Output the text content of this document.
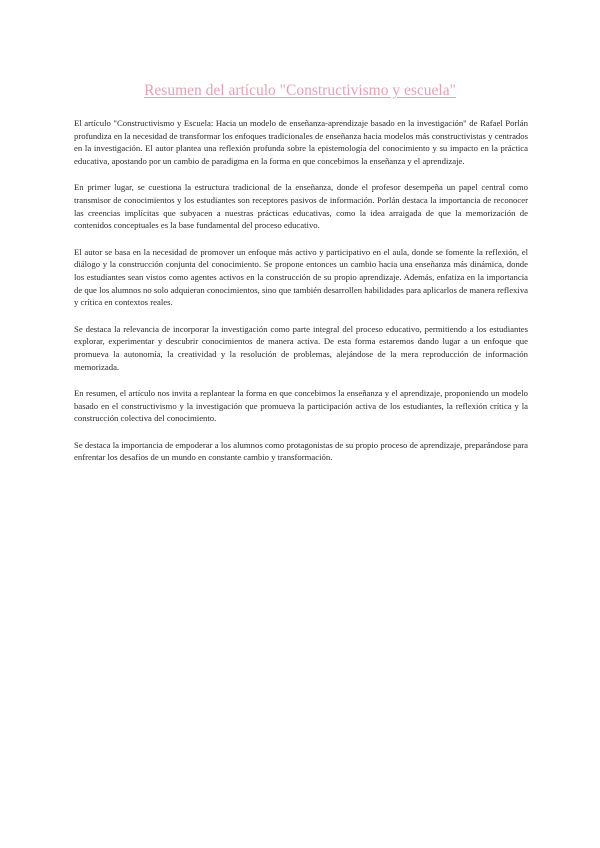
Resumen del artículo "Constructivismo y escuela"

El artículo "Constructivismo y Escuela: Hacia un modelo de enseñanza-aprendizaje basado en la investigación" de Rafael Porlán profundiza en la necesidad de transformar los enfoques tradicionales de enseñanza hacia modelos más constructivistas y centrados en la investigación. El autor plantea una reflexión profunda sobre la epistemología del conocimiento y su impacto en la práctica educativa, apostando por un cambio de paradigma en la forma en que concebimos la enseñanza y el aprendizaje.

En primer lugar, se cuestiona la estructura tradicional de la enseñanza, donde el profesor desempeña un papel central como transmisor de conocimientos y los estudiantes son receptores pasivos de información. Porlán destaca la importancia de reconocer las creencias implícitas que subyacen a nuestras prácticas educativas, como la idea arraigada de que la memorización de contenidos conceptuales es la base fundamental del proceso educativo.

El autor se basa en la necesidad de promover un enfoque más activo y participativo en el aula, donde se fomente la reflexión, el diálogo y la construcción conjunta del conocimiento. Se propone entonces un cambio hacia una enseñanza más dinámica, donde los estudiantes sean vistos como agentes activos en la construcción de su propio aprendizaje. Además, enfatiza en la importancia de que los alumnos no solo adquieran conocimientos, sino que también desarrollen habilidades para aplicarlos de manera reflexiva y crítica en contextos reales.

Se destaca la relevancia de incorporar la investigación como parte integral del proceso educativo, permitiendo a los estudiantes explorar, experimentar y descubrir conocimientos de manera activa. De esta forma estaremos dando lugar a un enfoque que promueva la autonomía, la creatividad y la resolución de problemas, alejándose de la mera reproducción de información memorizada.

En resumen, el artículo nos invita a replantear la forma en que concebimos la enseñanza y el aprendizaje, proponiendo un modelo basado en el constructivismo y la investigación que promueva la participación activa de los estudiantes, la reflexión crítica y la construcción colectiva del conocimiento.

Se destaca la importancia de empoderar a los alumnos como protagonistas de su propio proceso de aprendizaje, preparándose para enfrentar los desafíos de un mundo en constante cambio y transformación.
